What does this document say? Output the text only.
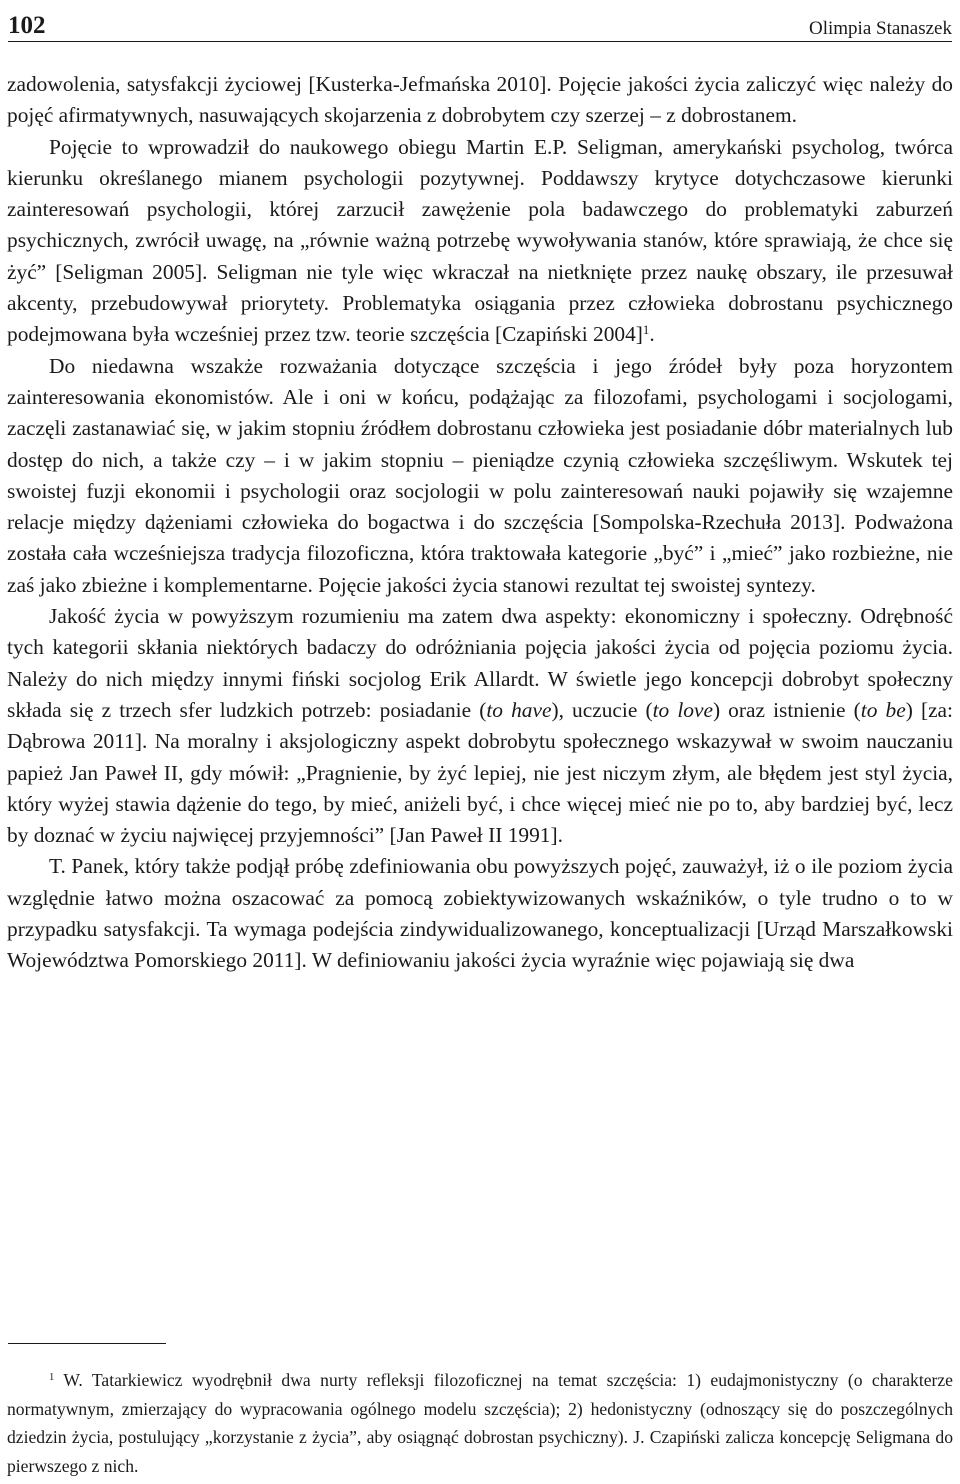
102	Olimpia Stanaszek

zadowolenia, satysfakcji życiowej [Kusterka-Jefmańska 2010]. Pojęcie jakości życia zaliczyć więc należy do pojęć afirmatywnych, nasuwających skojarzenia z dobrobytem czy szerzej – z dobrostanem.

Pojęcie to wprowadził do naukowego obiegu Martin E.P. Seligman, amerykański psycholog, twórca kierunku określanego mianem psychologii pozytywnej. Poddawszy krytyce dotychczasowe kierunki zainteresowań psychologii, której zarzucił zawężenie pola badawczego do problematyki zaburzeń psychicznych, zwrócił uwagę, na „równie ważną potrzebę wywoływania stanów, które sprawiają, że chce się żyć” [Seligman 2005]. Seligman nie tyle więc wkraczał na nietknięte przez naukę obszary, ile przesuwał akcenty, przebudowywał priorytety. Problematyka osiągania przez człowieka dobrostanu psychicznego podejmowana była wcześniej przez tzw. teorie szczęścia [Czapiński 2004]$^1$.

Do niedawna wszakże rozważania dotyczące szczęścia i jego źródeł były poza horyzontem zainteresowania ekonomistów. Ale i oni w końcu, podążając za filozofami, psychologami i socjologami, zaczęli zastanawiać się, w jakim stopniu źródłem dobrostanu człowieka jest posiadanie dóbr materialnych lub dostęp do nich, a także czy – i w jakim stopniu – pieniądze czynią człowieka szczęśliwym. Wskutek tej swoistej fuzji ekonomii i psychologii oraz socjologii w polu zainteresowań nauki pojawiły się wzajemne relacje między dążeniami człowieka do bogactwa i do szczęścia [Sompolska-Rzechuła 2013]. Podważona została cała wcześniejsza tradycja filozoficzna, która traktowała kategorie „być” i „mieć” jako rozbieżne, nie zaś jako zbieżne i komplementarne. Pojęcie jakości życia stanowi rezultat tej swoistej syntezy.

Jakość życia w powyższym rozumieniu ma zatem dwa aspekty: ekonomiczny i społeczny. Odrębność tych kategorii skłania niektórych badaczy do odróżniania pojęcia jakości życia od pojęcia poziomu życia. Należy do nich między innymi fiński socjolog Erik Allardt. W świetle jego koncepcji dobrobyt społeczny składa się z trzech sfer ludzkich potrzeb: posiadanie (to have), uczucie (to love) oraz istnienie (to be) [za: Dąbrowa 2011]. Na moralny i aksjologiczny aspekt dobrobytu społecznego wskazywał w swoim nauczaniu papież Jan Paweł II, gdy mówił: „Pragnienie, by żyć lepiej, nie jest niczym złym, ale błędem jest styl życia, który wyżej stawia dążenie do tego, by mieć, aniżeli być, i chce więcej mieć nie po to, aby bardziej być, lecz by doznać w życiu najwięcej przyjemności” [Jan Paweł II 1991].

T. Panek, który także podjął próbę zdefiniowania obu powyższych pojęć, zauważył, iż o ile poziom życia względnie łatwo można oszacować za pomocą zobiektywizowanych wskaźników, o tyle trudno o to w przypadku satysfakcji. Ta wymaga podejścia zindywidualizowanego, konceptualizacji [Urząd Marszałkowski Województwa Pomorskiego 2011]. W definiowaniu jakości życia wyraźnie więc pojawiają się dwa

$^1$ W. Tatarkiewicz wyodrębnił dwa nurty refleksji filozoficznej na temat szczęścia: 1) eudajmonistyczny (o charakterze normatywnym, zmierzający do wypracowania ogólnego modelu szczęścia); 2) hedonistyczny (odnoszący się do poszczególnych dziedzin życia, postulujący „korzystanie z życia”, aby osiągnąć dobrostan psychiczny). J. Czapiński zalicza koncepcję Seligmana do pierwszego z nich.
